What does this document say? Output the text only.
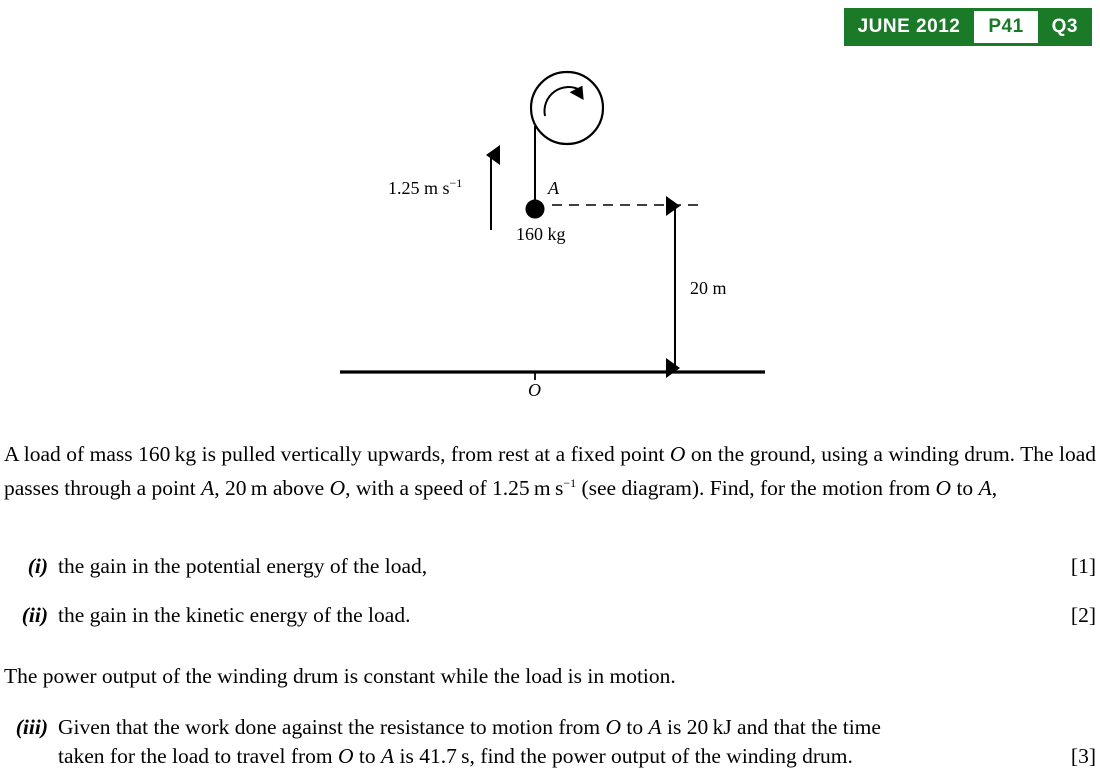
JUNE 2012	P41	Q3
1.25 m $s^{-1}$	A
160 kg
20 m
O
A load of mass 160 kg is pulled vertically upwards, from rest at a fixed point O on the ground, using a winding drum. The load passes through a point A, 20 m above O, with a speed of 1.25 m $s^{-1}$ (see diagram). Find, for the motion from O to A,
(i) the gain in the potential energy of the load,	[1]
(ii) the gain in the kinetic energy of the load.	[2]
The power output of the winding drum is constant while the load is in motion.
(iii) Given that the work done against the resistance to motion from O to A is 20 kJ and that the time
taken for the load to travel from O to A is 41.7 s, find the power output of the winding drum.	[3]
